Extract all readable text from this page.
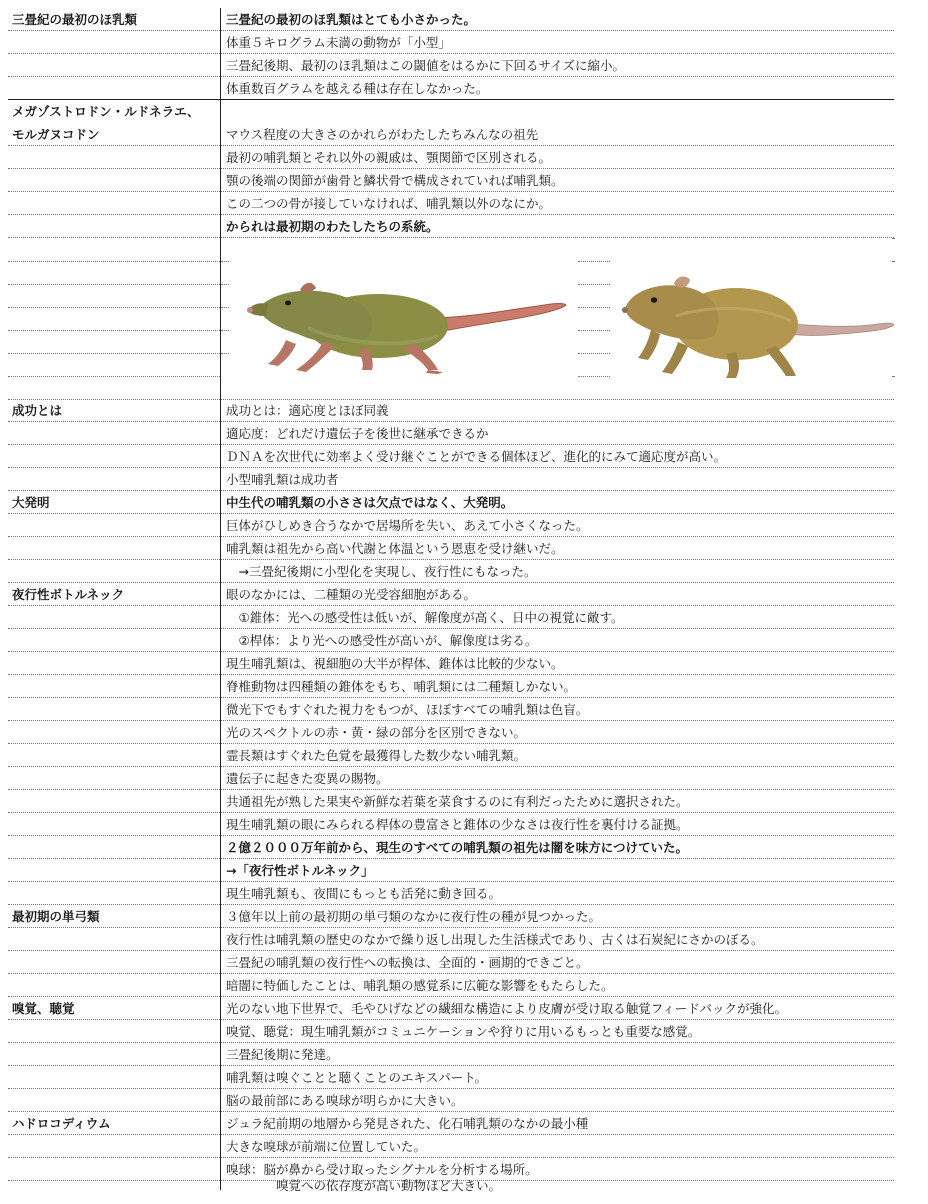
三畳紀の最初のほ乳類	三畳紀の最初のほ乳類はとても小さかった。
体重５キログラム未満の動物が「小型」
三畳紀後期、最初のほ乳類はこの閾値をはるかに下回るサイズに縮小。
体重数百グラムを越える種は存在しなかった。
メガゾストロドン・ルドネラエ、
モルガヌコドン	マウス程度の大きさのかれらがわたしたちみんなの祖先
最初の哺乳類とそれ以外の親戚は、顎関節で区別される。
顎の後端の関節が歯骨と鱗状骨で構成されていれば哺乳類。
この二つの骨が接していなければ、哺乳類以外のなにか。
かられは最初期のわたしたちの系統。
成功とは	成功とは：適応度とほぼ同義
適応度：どれだけ遺伝子を後世に継承できるか
ＤＮＡを次世代に効率よく受け継ぐことができる個体ほど、進化的にみて適応度が高い。
小型哺乳類は成功者
大発明	中生代の哺乳類の小ささは欠点ではなく、大発明。
巨体がひしめき合うなかで居場所を失い、あえて小さくなった。
哺乳類は祖先から高い代謝と体温という恩恵を受け継いだ。
　→三畳紀後期に小型化を実現し、夜行性にもなった。
夜行性ボトルネック	眼のなかには、二種類の光受容細胞がある。
　①錐体：光への感受性は低いが、解像度が高く、日中の視覚に敵す。
　②桿体：より光への感受性が高いが、解像度は劣る。
現生哺乳類は、視細胞の大半が桿体、錐体は比較的少ない。
脊椎動物は四種類の錐体をもち、哺乳類には二種類しかない。
微光下でもすぐれた視力をもつが、ほぼすべての哺乳類は色盲。
光のスペクトルの赤・黄・緑の部分を区別できない。
霊長類はすぐれた色覚を最獲得した数少ない哺乳類。
遺伝子に起きた変異の賜物。
共通祖先が熟した果実や新鮮な若葉を菜食するのに有利だったために選択された。
現生哺乳類の眼にみられる桿体の豊富さと錐体の少なさは夜行性を裏付ける証拠。
２億２０００万年前から、現生のすべての哺乳類の祖先は闇を味方につけていた。
→「夜行性ボトルネック」
現生哺乳類も、夜間にもっとも活発に動き回る。
最初期の単弓類	３億年以上前の最初期の単弓類のなかに夜行性の種が見つかった。
夜行性は哺乳類の歴史のなかで繰り返し出現した生活様式であり、古くは石炭紀にさかのぼる。
三畳紀の哺乳類の夜行性への転換は、全面的・画期的できごと。
暗闇に特価したことは、哺乳類の感覚系に広範な影響をもたらした。
嗅覚、聴覚	光のない地下世界で、毛やひげなどの繊細な構造により皮膚が受け取る触覚フィードバックが強化。
嗅覚、聴覚：現生哺乳類がコミュニケーションや狩りに用いるもっとも重要な感覚。
三畳紀後期に発達。
哺乳類は嗅ぐことと聴くことのエキスパート。
脳の最前部にある嗅球が明らかに大きい。
ハドロコディウム	ジュラ紀前期の地層から発見された、化石哺乳類のなかの最小種
大きな嗅球が前端に位置していた。
嗅球：脳が鼻から受け取ったシグナルを分析する場所。
　　　　嗅覚への依存度が高い動物ほど大きい。
